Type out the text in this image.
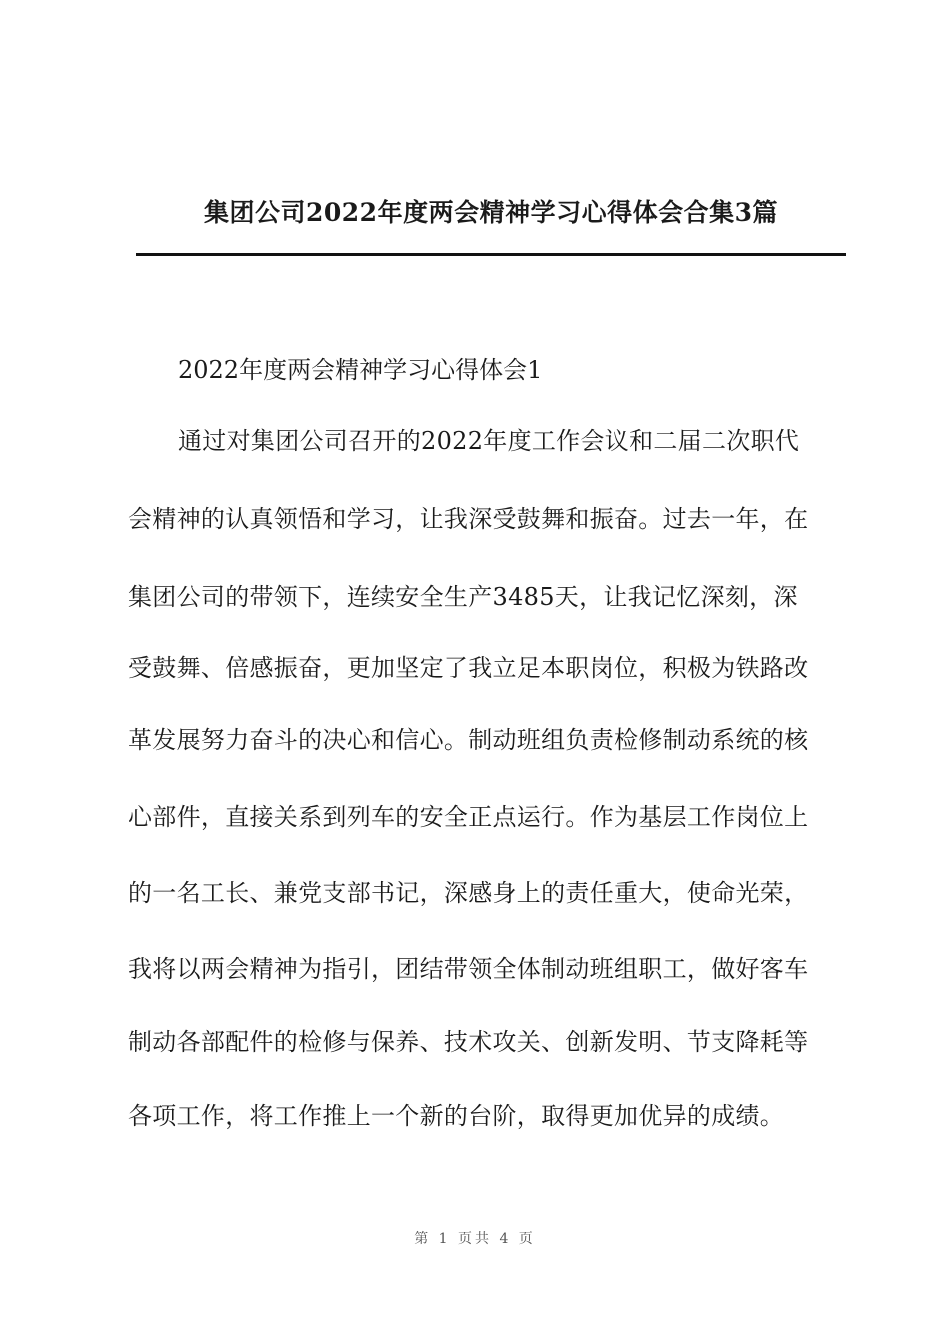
集团公司2022年度两会精神学习心得体会合集3篇
2022年度两会精神学习心得体会1
通过对集团公司召开的2022年度工作会议和二届二次职代
会精神的认真领悟和学习，让我深受鼓舞和振奋。过去一年，在
集团公司的带领下，连续安全生产3485天，让我记忆深刻，深
受鼓舞、倍感振奋，更加坚定了我立足本职岗位，积极为铁路改
革发展努力奋斗的决心和信心。制动班组负责检修制动系统的核
心部件，直接关系到列车的安全正点运行。作为基层工作岗位上
的一名工长、兼党支部书记，深感身上的责任重大，使命光荣，
我将以两会精神为指引，团结带领全体制动班组职工，做好客车
制动各部配件的检修与保养、技术攻关、创新发明、节支降耗等
各项工作，将工作推上一个新的台阶，取得更加优异的成绩。
第 1 页共 4 页
